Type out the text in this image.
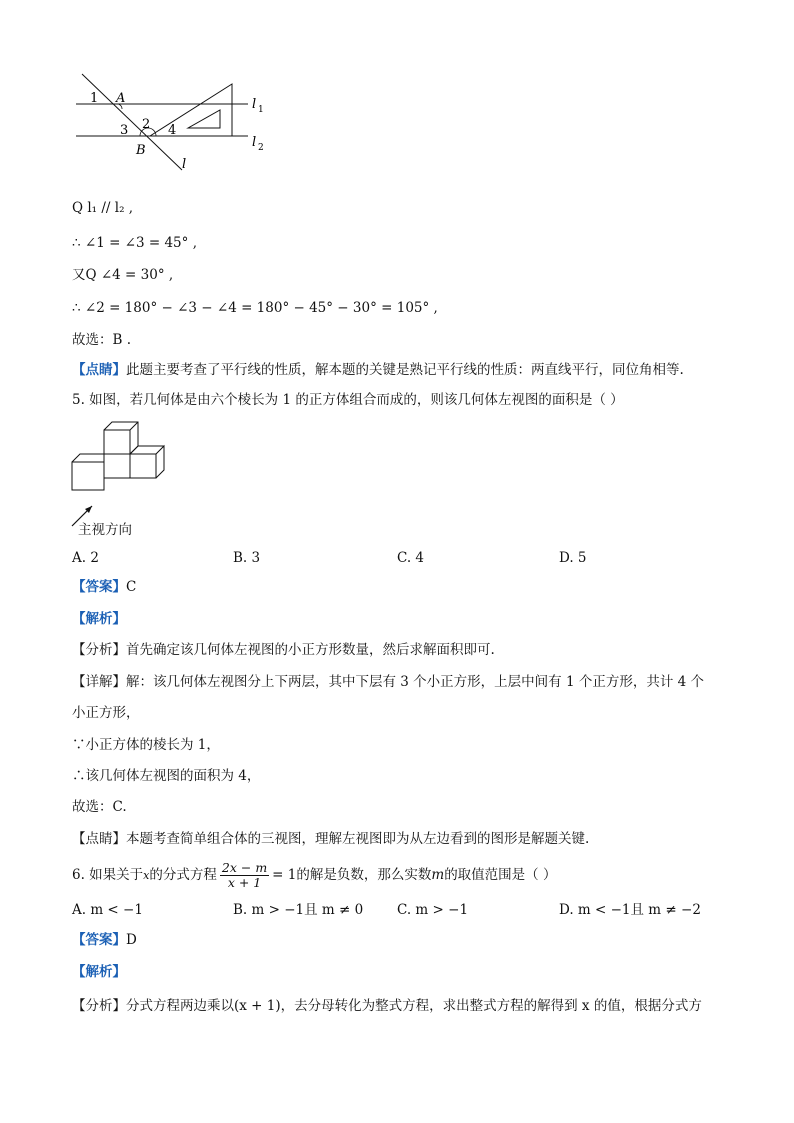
1 A
2
3	4
B
l
l 1
l 2
Q l₁ // l₂ ,
∴ ∠1 = ∠3 = 45° ,
又Q ∠4 = 30° ,
∴ ∠2 = 180° − ∠3 − ∠4 = 180° − 45° − 30° = 105° ,
故选：B .
【点睛】此题主要考查了平行线的性质，解本题的关键是熟记平行线的性质：两直线平行，同位角相等.
5. 如图，若几何体是由六个棱长为 1 的正方体组合而成的，则该几何体左视图的面积是（ ）
主视方向
A. 2	B. 3	C. 4	D. 5
【答案】C
【解析】
【分析】首先确定该几何体左视图的小正方形数量，然后求解面积即可.
【详解】解：该几何体左视图分上下两层，其中下层有 3 个小正方形，上层中间有 1 个正方形，共计 4 个
小正方形，
∵小正方体的棱长为 1，
∴该几何体左视图的面积为 4，
故选：C.
【点睛】本题考查简单组合体的三视图，理解左视图即为从左边看到的图形是解题关键.
6. 如果关于x的分式方程 $\frac{2x - m}{x + 1} = 1$的解是负数，那么实数m的取值范围是（ ）
A. m < −1	B. m > −1且 m ≠ 0	C. m > −1	D. m < −1且 m ≠ −2
【答案】D
【解析】
【分析】分式方程两边乘以(x + 1)，去分母转化为整式方程，求出整式方程的解得到 x 的值，根据分式方
